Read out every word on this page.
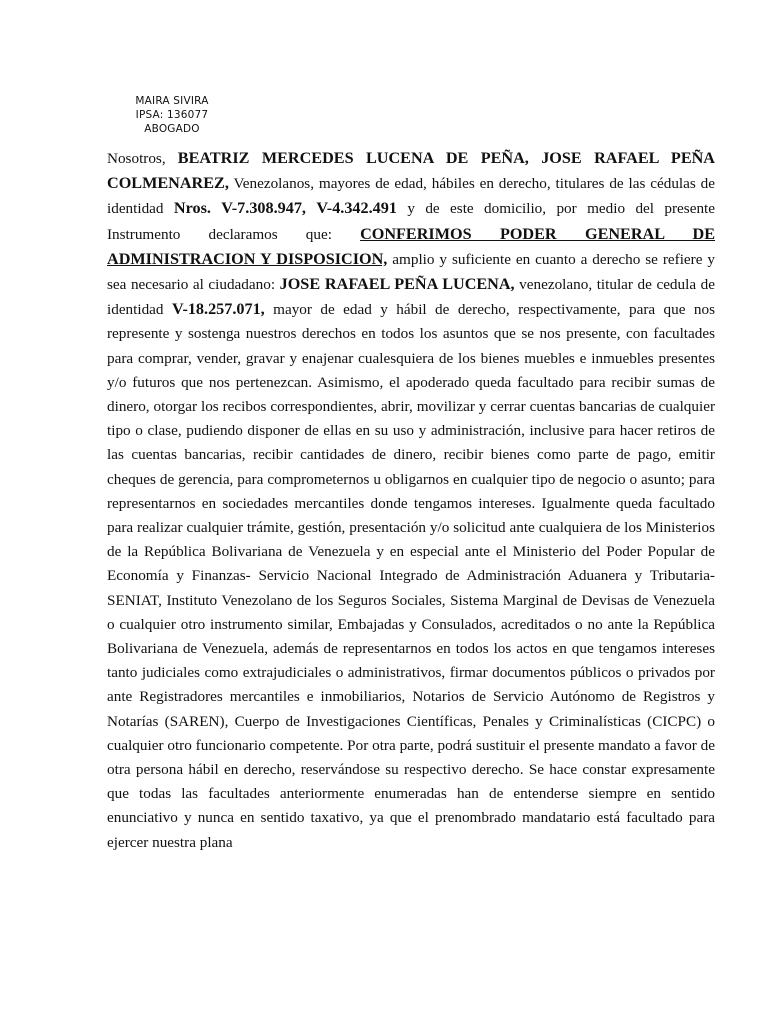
MAIRA SIVIRA
IPSA: 136077
ABOGADO

Nosotros, BEATRIZ MERCEDES LUCENA DE PEÑA, JOSE RAFAEL PEÑA COLMENAREZ, Venezolanos, mayores de edad, hábiles en derecho, titulares de las cédulas de identidad Nros. V-7.308.947, V-4.342.491 y de este domicilio, por medio del presente Instrumento declaramos que: CONFERIMOS PODER GENERAL DE ADMINISTRACION Y DISPOSICION, amplio y suficiente en cuanto a derecho se refiere y sea necesario al ciudadano: JOSE RAFAEL PEÑA LUCENA, venezolano, titular de cedula de identidad V-18.257.071, mayor de edad y hábil de derecho, respectivamente, para que nos represente y sostenga nuestros derechos en todos los asuntos que se nos presente, con facultades para comprar, vender, gravar y enajenar cualesquiera de los bienes muebles e inmuebles presentes y/o futuros que nos pertenezcan. Asimismo, el apoderado queda facultado para recibir sumas de dinero, otorgar los recibos correspondientes, abrir, movilizar y cerrar cuentas bancarias de cualquier tipo o clase, pudiendo disponer de ellas en su uso y administración, inclusive para hacer retiros de las cuentas bancarias, recibir cantidades de dinero, recibir bienes como parte de pago, emitir cheques de gerencia, para comprometernos u obligarnos en cualquier tipo de negocio o asunto; para representarnos en sociedades mercantiles donde tengamos intereses. Igualmente queda facultado para realizar cualquier trámite, gestión, presentación y/o solicitud ante cualquiera de los Ministerios de la República Bolivariana de Venezuela y en especial ante el Ministerio del Poder Popular de Economía y Finanzas- Servicio Nacional Integrado de Administración Aduanera y Tributaria- SENIAT, Instituto Venezolano de los Seguros Sociales, Sistema Marginal de Devisas de Venezuela o cualquier otro instrumento similar, Embajadas y Consulados, acreditados o no ante la República Bolivariana de Venezuela, además de representarnos en todos los actos en que tengamos intereses tanto judiciales como extrajudiciales o administrativos, firmar documentos públicos o privados por ante Registradores mercantiles e inmobiliarios, Notarios de Servicio Autónomo de Registros y Notarías (SAREN), Cuerpo de Investigaciones Científicas, Penales y Criminalísticas (CICPC) o cualquier otro funcionario competente. Por otra parte, podrá sustituir el presente mandato a favor de otra persona hábil en derecho, reservándose su respectivo derecho. Se hace constar expresamente que todas las facultades anteriormente enumeradas han de entenderse siempre en sentido enunciativo y nunca en sentido taxativo, ya que el prenombrado mandatario está facultado para ejercer nuestra plana
